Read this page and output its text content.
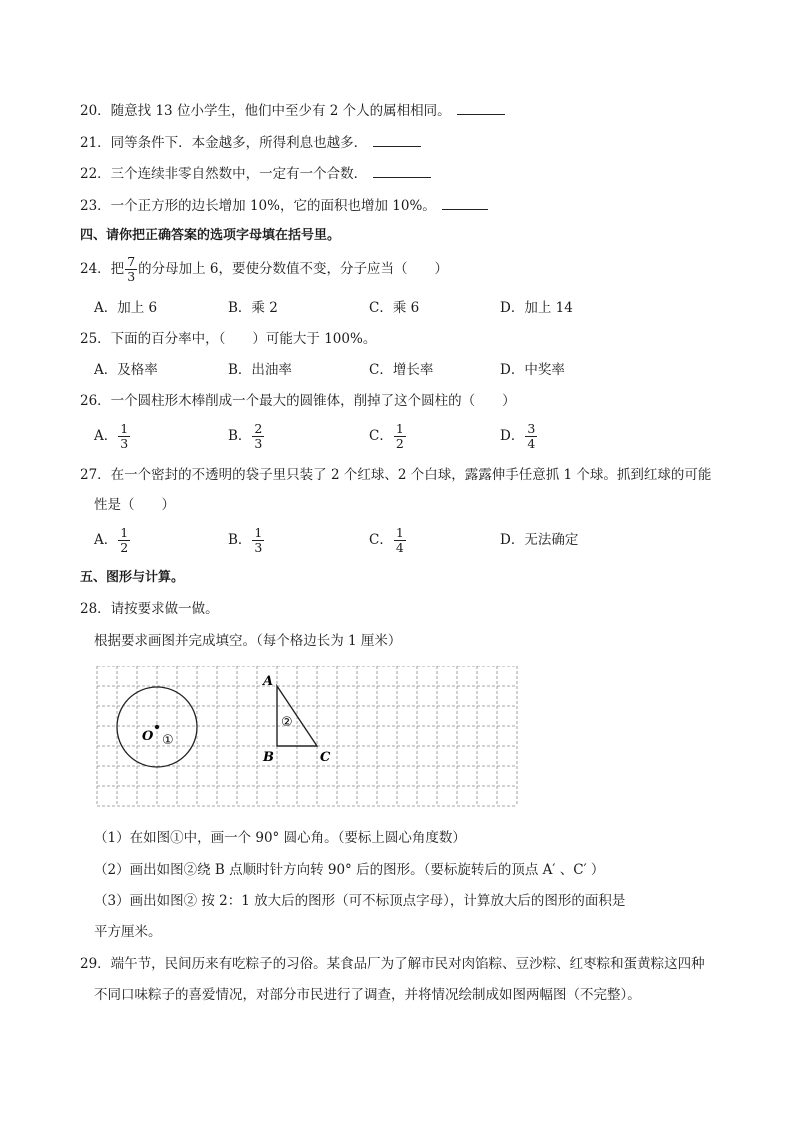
20．随意找 13 位小学生，他们中至少有 2 个人的属相相同。
21．同等条件下．本金越多，所得利息也越多．
22．三个连续非零自然数中，一定有一个合数．
23．一个正方形的边长增加 10%，它的面积也增加 10%。
四、请你把正确答案的选项字母填在括号里。
24．把 $\frac{7}{3}$ 的分母加上 6，要使分数值不变，分子应当（　　）
A．加上 6	B．乘 2	C．乘 6	D．加上 14
25．下面的百分率中，（　　）可能大于 100%。
A．及格率	B．出油率	C．增长率	D．中奖率
26．一个圆柱形木棒削成一个最大的圆锥体，削掉了这个圆柱的（　　）
A． $\frac{1}{3}$	B． $\frac{2}{3}$	C． $\frac{1}{2}$	D． $\frac{3}{4}$
27．在一个密封的不透明的袋子里只装了 2 个红球、2 个白球，露露伸手任意抓 1 个球。抓到红球的可能
性是（　　）
A． $\frac{1}{2}$	B． $\frac{1}{3}$	C． $\frac{1}{4}$	D．无法确定
五、图形与计算。
28．请按要求做一做。
根据要求画图并完成填空。（每个格边长为 1 厘米）
O ①
A
B	C
②
（1）在如图①中，画一个 90° 圆心角。（要标上圆心角度数）
（2）画出如图②绕 B 点顺时针方向转 90° 后的图形。（要标旋转后的顶点 A′ 、C′ ）
（3）画出如图② 按 2：1 放大后的图形（可不标顶点字母），计算放大后的图形的面积是
平方厘米。
29．端午节，民间历来有吃粽子的习俗。某食品厂为了解市民对肉馅粽、豆沙粽、红枣粽和蛋黄粽这四种
不同口味粽子的喜爱情况，对部分市民进行了调查，并将情况绘制成如图两幅图（不完整）。
